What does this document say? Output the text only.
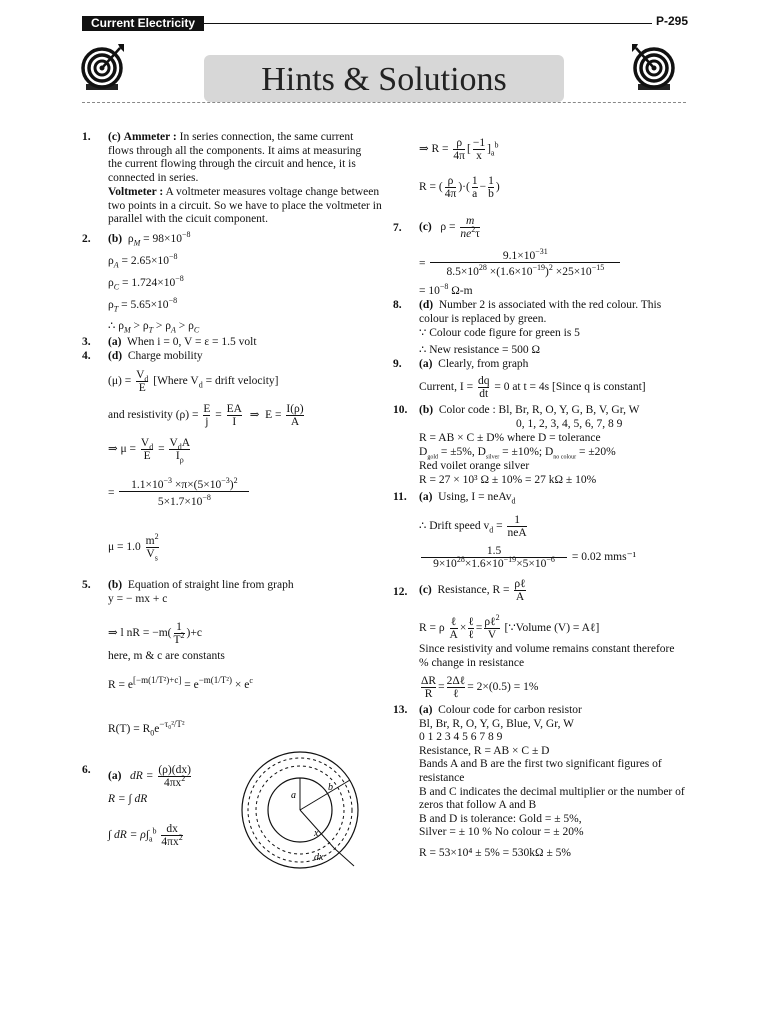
Current Electricity	P-295
Hints & Solutions
1. (c) Ammeter : In series connection, the same current
flows through all the components. It aims at measuring
the current flowing through the circuit and hence, it is
connected in series.
Voltmeter : A voltmeter measures voltage change between
two points in a circuit. So we have to place the voltmeter in
parallel with the cicuit component.
2. (b) $\rho_M = 98\times 10^{-8}$
$\rho_A = 2.65\times 10^{-8}$
$\rho_C = 1.724\times 10^{-8}$
$\rho_T = 5.65\times 10^{-8}$
∴ $\rho_M > \rho_T > \rho_A > \rho_C$
3. (a) When i = 0, V = ε = 1.5 volt
4. (d) Charge mobility
$(\mu) = \frac{V_d}{E}$ [Where $V_d$ = drift velocity]
and resistivity $(\rho) = \frac{E}{j} = \frac{EA}{I}$ ⇒  $E = \frac{I(\rho)}{A}$
⇒ $\mu = \frac{V_d}{E} = \frac{V_dA}{I_\rho}$
= $\frac{1.1\times 10^{-3} \times\pi\times(5\times 10^{-3})^2}{5\times 1.7\times 10^{-8}}$
$\mu = 1.0 \frac{m^2}{V_s}$
5. (b) Equation of straight line from graph
y = − mx + c
⇒ l nR = $-m( \frac{1}{T^2} )+c$
here, m & c are constants
$R = e[-m(1/T^2)+c] = e^{-m(1/T^2)} \times e^c$
$R(T) = R_0e^{-\tau_0^2/T^2}$
6.
(a) dR = $\frac{(\rho)(dx)}{4\pi x^2}$
R = ∫ dR
∫ dR = $\rho\int_a^b \frac{dx}{4\pi x^2}$
a
b
x
dx
⇒ $R = \frac{\rho}{4\pi}$ [ $\frac{-1}{x} ]_a^b$
R = ( $\frac{\rho}{4\pi}$ )·( $\frac{1}{a} - \frac{1}{b}$ )
7. (c) $\rho = \frac{m}{ne^2\tau}$
= $\frac{9.1\times 10^{-31}}{8.5\times 10^{28} \times(1.6\times 10^{-19})^2 \times 25\times 10^{-15}}$
= $10^{-8}$ Ω-m
8. (d) Number 2 is associated with the red colour. This
colour is replaced by green.
∵ Colour code figure for green is 5
∴ New resistance = 500 Ω
9. (a) Clearly, from graph
Current, $I = \frac{dq}{dt} = 0$ at t = 4s [Since q is constant]
10. (b) Color code : Bl, Br, R, O, Y, G, B, V, Gr, W
0, 1, 2, 3, 4, 5, 6, 7, 8 9
R = AB × C ± D% where D = tolerance
$D_{gold} = \pm 5\%$, $D_{silver} = \pm 10\%$; $D_{no colour} = \pm 20\%$
Red voilet orange silver
R = 27 × 10³ Ω ± 10% = 27 kΩ ± 10%
11. (a) Using, I = neAv$_d$
∴ Drift speed $v_d = \frac{1}{\text{neA}}$
$\frac{1.5}{9\times 10^{28}\times 1.6\times 10^{-19}\times 5\times 10^{-6}} = 0.02$ mms⁻¹
12. (c) Resistance, $R = \frac{\text{ρℓ}}{A}$
R = ρ $\frac{\text{ℓ}}{A} \times \frac{\text{ℓ}}{\text{ℓ}} = \frac{\rho\ell^2}{V}$ [∵Volume (V) = Aℓ]
Since resistivity and volume remains constant therefore
% change in resistance
$\frac{\Delta R}{R} = \frac{\text{2Δℓ}}{\text{ℓ}} = 2\times(0.5) = 1\%$
13. (a) Colour code for carbon resistor
Bl, Br, R, O, Y, G, Blue, V, Gr, W
0 1 2 3 4 5 6 7 8 9
Resistance, R = AB × C ± D
Bands A and B are the first two significant figures of
resistance
B and C indicates the decimal multiplier or the number of
zeros that follow A and B
B and D is tolerance: Gold = ± 5%,
Silver = ± 10 % No colour = ± 20%
R = 53×10⁴ ± 5% = 530kΩ ± 5%
